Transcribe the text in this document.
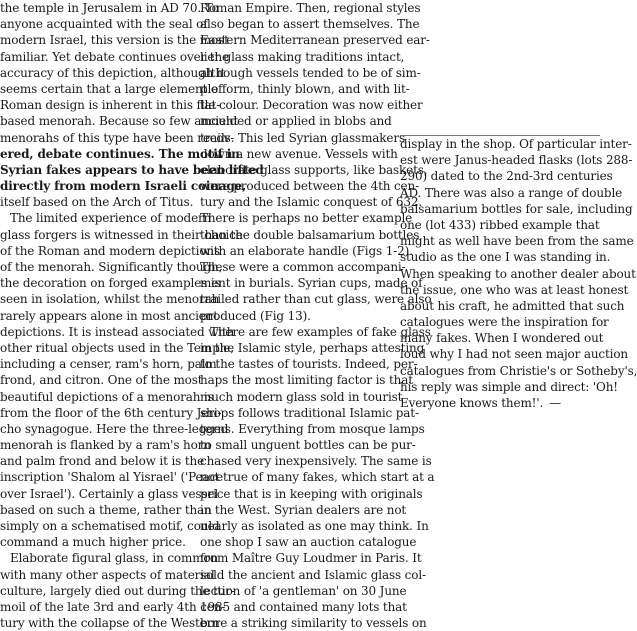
the temple in Jerusalem in AD 70. To
anyone acquainted with the seal of
modern Israel, this version is the most
familiar. Yet debate continues over the
accuracy of this depiction, although it
seems certain that a large element of
Roman design is inherent in this flat-
based menorah. Because so few ancient
menorahs of this type have been recov-
ered, debate continues. The motif in
Syrian fakes appears to have been lifted
directly from modern Israeli coinage,
itself based on the Arch of Titus.
The limited experience of modern
glass forgers is witnessed in their choice
of the Roman and modern depictions
of the menorah. Significantly though,
the decoration on forged examples is
seen in isolation, whilst the menorah
rarely appears alone in most ancient
depictions. It is instead associated with
other ritual objects used in the Temple,
including a censer, ram's horn, palm
frond, and citron. One of the most
beautiful depictions of a menorah is
from the floor of the 6th century Jeri-
cho synagogue. Here the three-legged
menorah is flanked by a ram's horn
and palm frond and below it is the
inscription 'Shalom al Yisrael' ('Peace
over Israel'). Certainly a glass vessel
based on such a theme, rather than
simply on a schematised motif, could
command a much higher price.
Elaborate figural glass, in common
with many other aspects of material
culture, largely died out during the tur-
moil of the late 3rd and early 4th cen-
tury with the collapse of the Western
Roman Empire. Then, regional styles
also began to assert themselves. The
Eastern Mediterranean preserved ear-
lier glass making traditions intact,
although vessels tended to be of sim-
ple form, thinly blown, and with lit-
tle colour. Decoration was now either
moulded or applied in blobs and
trails. This led Syrian glassmakers
down a new avenue. Vessels with
elaborate glass supports, like baskets,
were produced between the 4th cen-
tury and the Islamic conquest of 632.
There is perhaps no better example
than the double balsamarium bottles
with an elaborate handle (Figs 1-2).
These were a common accompani-
ment in burials. Syrian cups, made of
trailed rather than cut glass, were also
produced (Fig 13).
There are few examples of fake glass
in the Islamic style, perhaps attesting
to the tastes of tourists. Indeed, per-
haps the most limiting factor is that
much modern glass sold in tourist
shops follows traditional Islamic pat-
terns. Everything from mosque lamps
to small unguent bottles can be pur-
chased very inexpensively. The same is
not true of many fakes, which start at a
price that is in keeping with originals
in the West. Syrian dealers are not
nearly as isolated as one may think. In
one shop I saw an auction catalogue
from Maître Guy Loudmer in Paris. It
sold the ancient and Islamic glass col-
lection of 'a gentleman' on 30 June
1985 and contained many lots that
bore a striking similarity to vessels on
display in the shop. Of particular inter-
est were Janus-headed flasks (lots 288-
290) dated to the 2nd-3rd centuries
AD. There was also a range of double
balsamarium bottles for sale, including
one (lot 433) ribbed example that
might as well have been from the same
studio as the one I was standing in.
When speaking to another dealer about
the issue, one who was at least honest
about his craft, he admitted that such
catalogues were the inspiration for
many fakes. When I wondered out
loud why I had not seen major auction
catalogues from Christie's or Sotheby's,
his reply was simple and direct: 'Oh!
Everyone knows them!'. —
